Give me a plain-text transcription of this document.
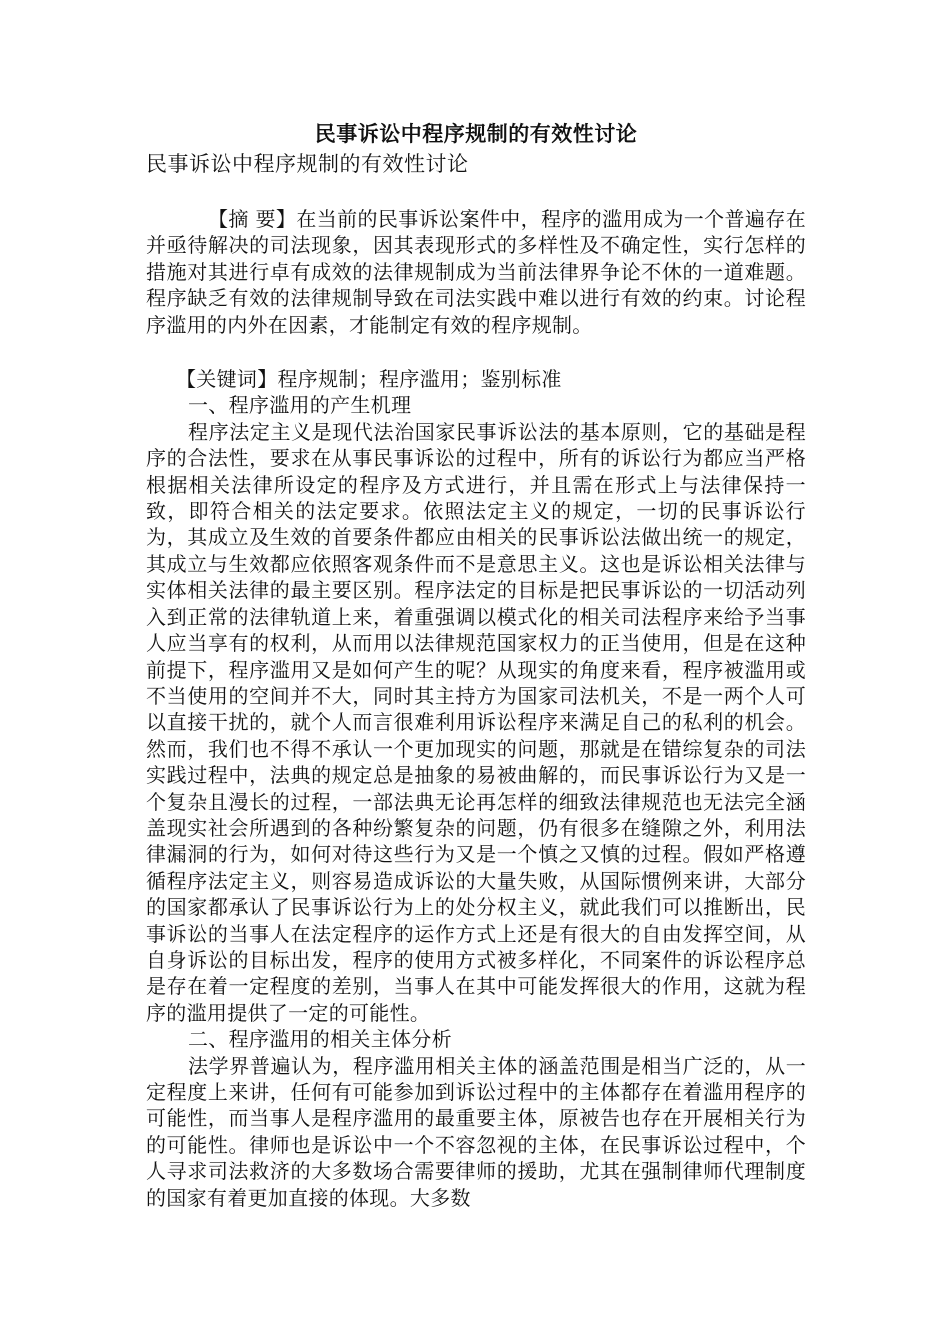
民事诉讼中程序规制的有效性讨论
民事诉讼中程序规制的有效性讨论

【摘 要】在当前的民事诉讼案件中，程序的滥用成为一个普遍存在并亟待解决的司法现象，因其表现形式的多样性及不确定性，实行怎样的措施对其进行卓有成效的法律规制成为当前法律界争论不休的一道难题。程序缺乏有效的法律规制导致在司法实践中难以进行有效的约束。讨论程序滥用的内外在因素，才能制定有效的程序规制。

【关键词】程序规制；程序滥用；鉴别标准

一、程序滥用的产生机理

程序法定主义是现代法治国家民事诉讼法的基本原则，它的基础是程序的合法性，要求在从事民事诉讼的过程中，所有的诉讼行为都应当严格根据相关法律所设定的程序及方式进行，并且需在形式上与法律保持一致，即符合相关的法定要求。依照法定主义的规定，一切的民事诉讼行为，其成立及生效的首要条件都应由相关的民事诉讼法做出统一的规定，其成立与生效都应依照客观条件而不是意思主义。这也是诉讼相关法律与实体相关法律的最主要区别。程序法定的目标是把民事诉讼的一切活动列入到正常的法律轨道上来，着重强调以模式化的相关司法程序来给予当事人应当享有的权利，从而用以法律规范国家权力的正当使用，但是在这种前提下，程序滥用又是如何产生的呢？从现实的角度来看，程序被滥用或不当使用的空间并不大，同时其主持方为国家司法机关，不是一两个人可以直接干扰的，就个人而言很难利用诉讼程序来满足自己的私利的机会。然而，我们也不得不承认一个更加现实的问题，那就是在错综复杂的司法实践过程中，法典的规定总是抽象的易被曲解的，而民事诉讼行为又是一个复杂且漫长的过程，一部法典无论再怎样的细致法律规范也无法完全涵盖现实社会所遇到的各种纷繁复杂的问题，仍有很多在缝隙之外，利用法律漏洞的行为，如何对待这些行为又是一个慎之又慎的过程。假如严格遵循程序法定主义，则容易造成诉讼的大量失败，从国际惯例来讲，大部分的国家都承认了民事诉讼行为上的处分权主义，就此我们可以推断出，民事诉讼的当事人在法定程序的运作方式上还是有很大的自由发挥空间，从自身诉讼的目标出发，程序的使用方式被多样化，不同案件的诉讼程序总是存在着一定程度的差别，当事人在其中可能发挥很大的作用，这就为程序的滥用提供了一定的可能性。

二、程序滥用的相关主体分析

法学界普遍认为，程序滥用相关主体的涵盖范围是相当广泛的，从一定程度上来讲，任何有可能参加到诉讼过程中的主体都存在着滥用程序的可能性，而当事人是程序滥用的最重要主体，原被告也存在开展相关行为的可能性。律师也是诉讼中一个不容忽视的主体，在民事诉讼过程中，个人寻求司法救济的大多数场合需要律师的援助，尤其在强制律师代理制度的国家有着更加直接的体现。大多数
